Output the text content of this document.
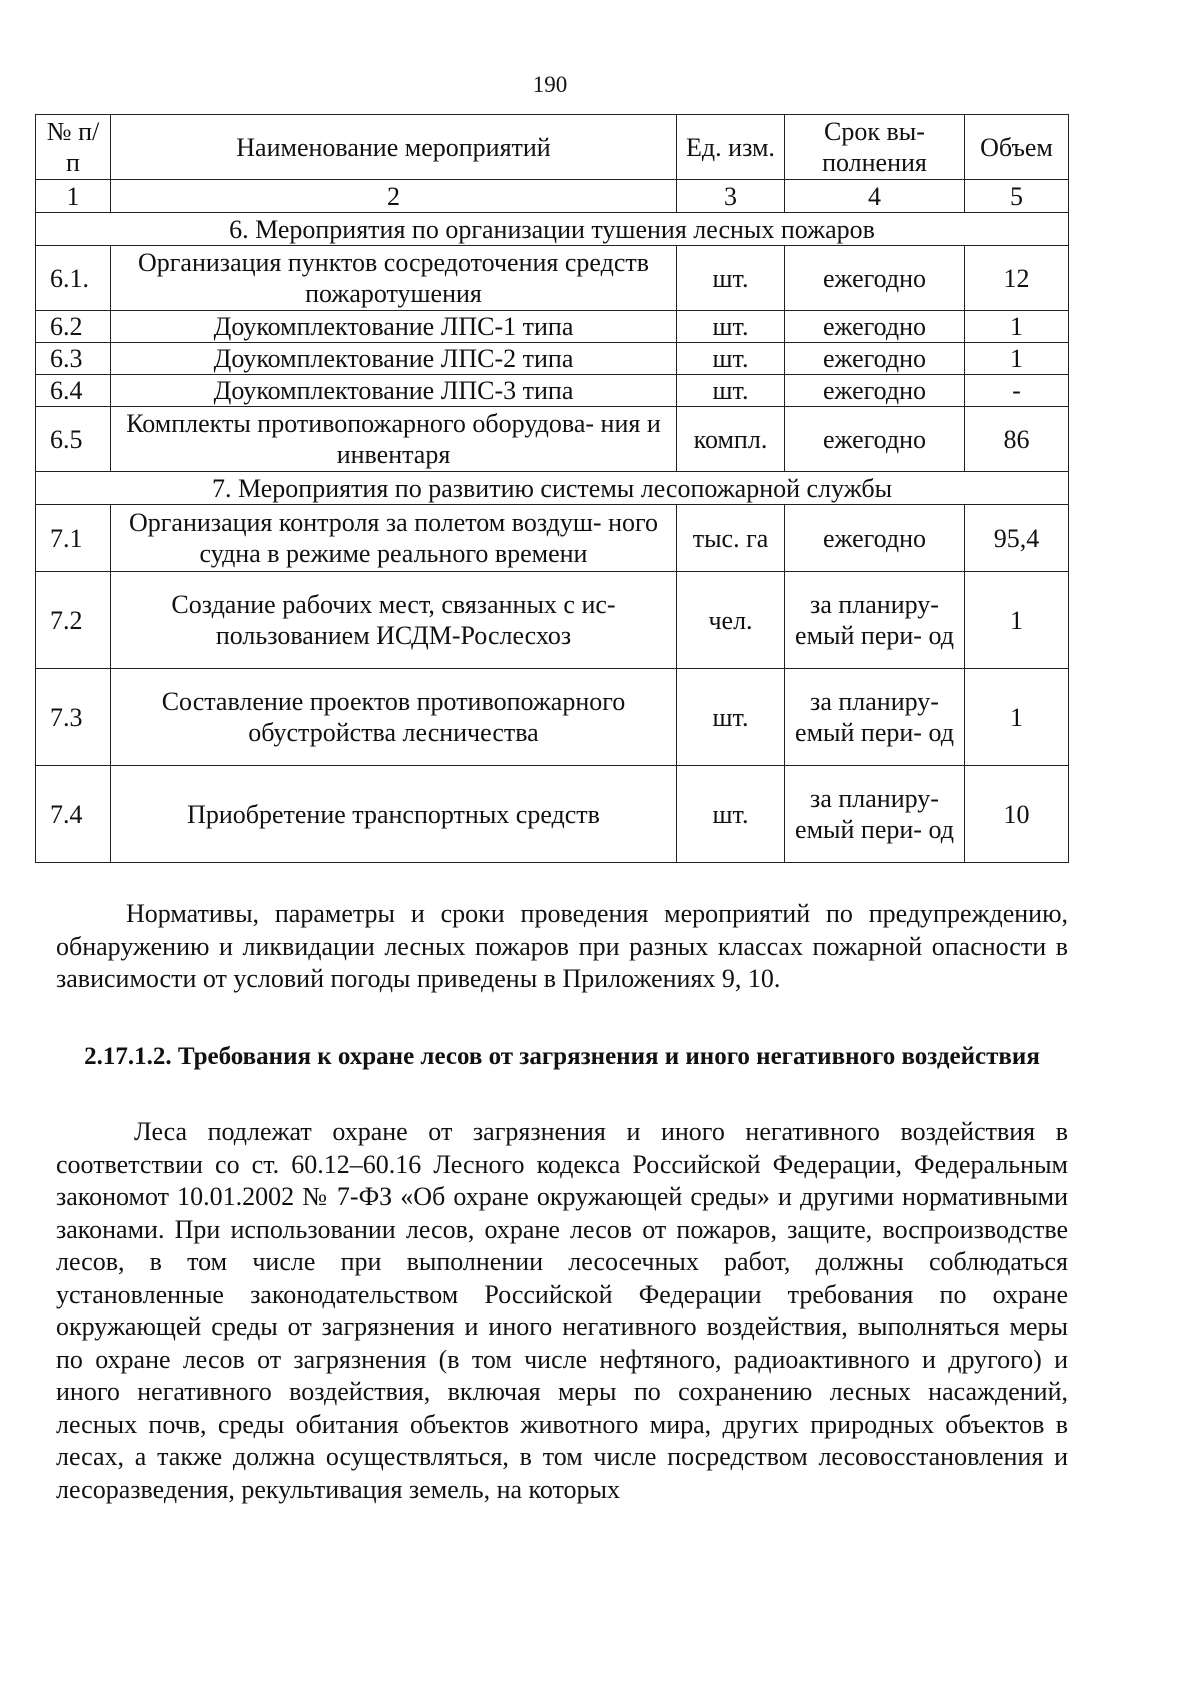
190
№ п/п	Наименование мероприятий	Ед. изм.	Срок вы- полнения	Объем
1	2	3	4	5
6. Мероприятия по организации тушения лесных пожаров				
6.1.	Организация пунктов сосредоточения средств пожаротушения	шт.	ежегодно	12
6.2	Доукомплектование ЛПС-1 типа	шт.	ежегодно	1
6.3	Доукомплектование ЛПС-2 типа	шт.	ежегодно	1
6.4	Доукомплектование ЛПС-3 типа	шт.	ежегодно	-
6.5	Комплекты противопожарного оборудова- ния и инвентаря	компл.	ежегодно	86
7. Мероприятия по развитию системы лесопожарной службы				
7.1	Организация контроля за полетом воздуш- ного судна в режиме реального времени	тыс. га	ежегодно	95,4
7.2	Создание рабочих мест, связанных с ис- пользованием ИСДМ-Рослесхоз	чел.	за планиру- емый пери- од	1
7.3	Составление проектов противопожарного обустройства лесничества	шт.	за планиру- емый пери- од	1
7.4	Приобретение транспортных средств	шт.	за планиру- емый пери- од	10
Нормативы, параметры и сроки проведения мероприятий по предупреждению, обнаружению и ликвидации лесных пожаров при разных классах пожарной опасности в зависимости от условий погоды приведены в Приложениях 9, 10.
2.17.1.2. Требования к охране лесов от загрязнения и иного негативного воздействия
Леса подлежат охране от загрязнения и иного негативного воздействия в соответствии со ст. 60.12–60.16 Лесного кодекса Российской Федерации, Федеральным закономот 10.01.2002 № 7-ФЗ «Об охране окружающей среды» и другими нормативными законами. При использовании лесов, охране лесов от пожаров, защите, воспроизводстве лесов, в том числе при выполнении лесосечных работ, должны соблюдаться установленные законодательством Российской Федерации требования по охране окружающей среды от загрязнения и иного негативного воздействия, выполняться меры по охране лесов от загрязнения (в том числе нефтяного, радиоактивного и другого) и иного негативного воздействия, включая меры по сохранению лесных насаждений, лесных почв, среды обитания объектов животного мира, других природных объектов в лесах, а также должна осуществляться, в том числе посредством лесовосстановления и лесоразведения, рекультивация земель, на которых
